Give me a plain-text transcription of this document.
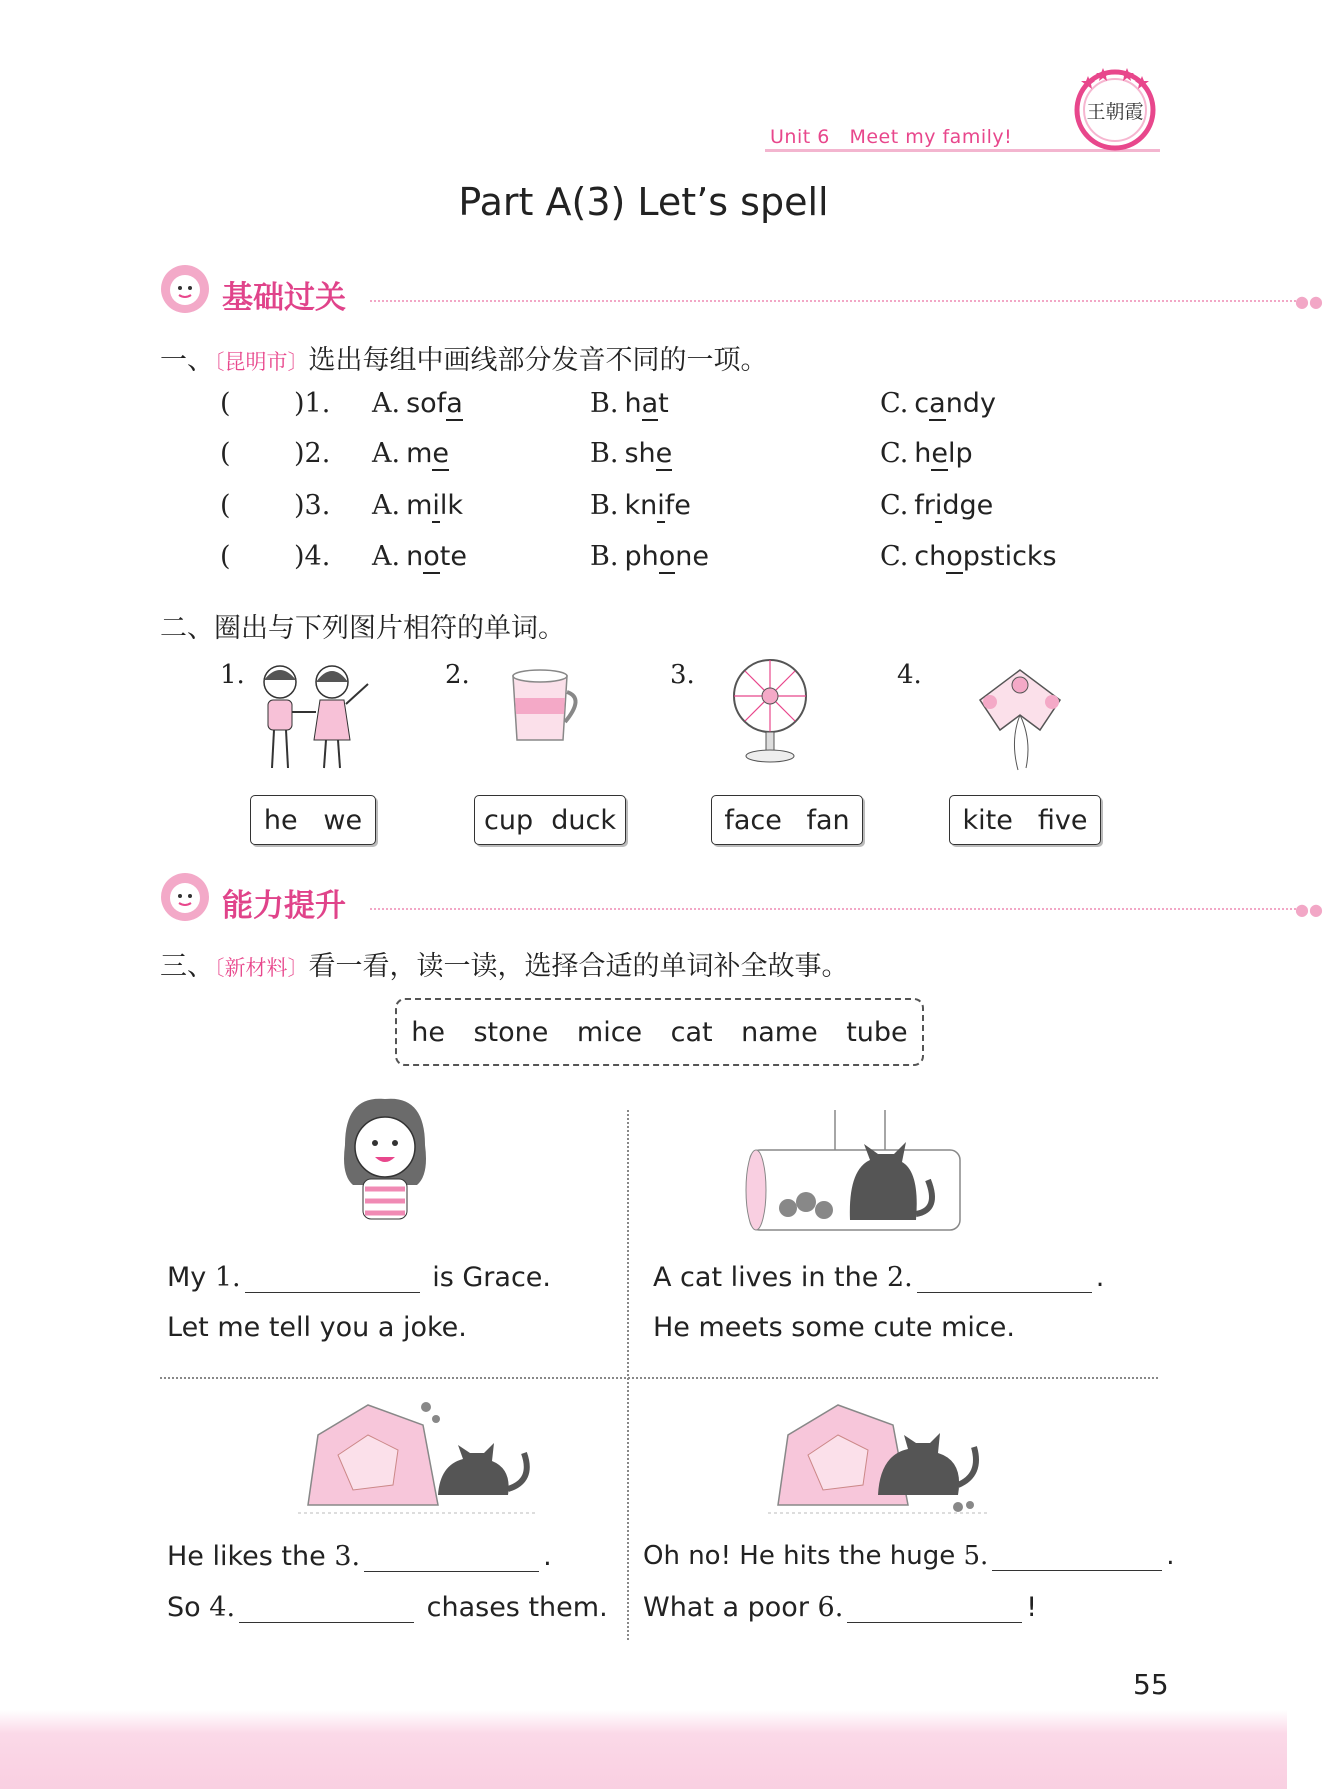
Unit 6 Meet my family!
王朝霞
Part A(3) Let’s spell
基础过关	●●
一、〔昆明市〕选出每组中画线部分发音不同的一项。
( )1. A. sofa	B. hat	C. candy
( )2. A. me	B. she	C. help
( )3. A. milk	B. knife	C. fridge
( )4. A. note	B. phone	C. chopsticks
二、圈出与下列图片相符的单词。
1.	2.	3.	4.
he we	cup duck	face fan	kite five
能力提升	●●
三、〔新材料〕看一看，读一读，选择合适的单词补全故事。
he stone mice cat name tube
My 1.	is Grace.
Let me tell you a joke.
A cat lives in the 2.	.
He meets some cute mice.
He likes the 3.	.
So 4.	chases them.
Oh no! He hits the huge 5.	.
What a poor 6.	!
55
